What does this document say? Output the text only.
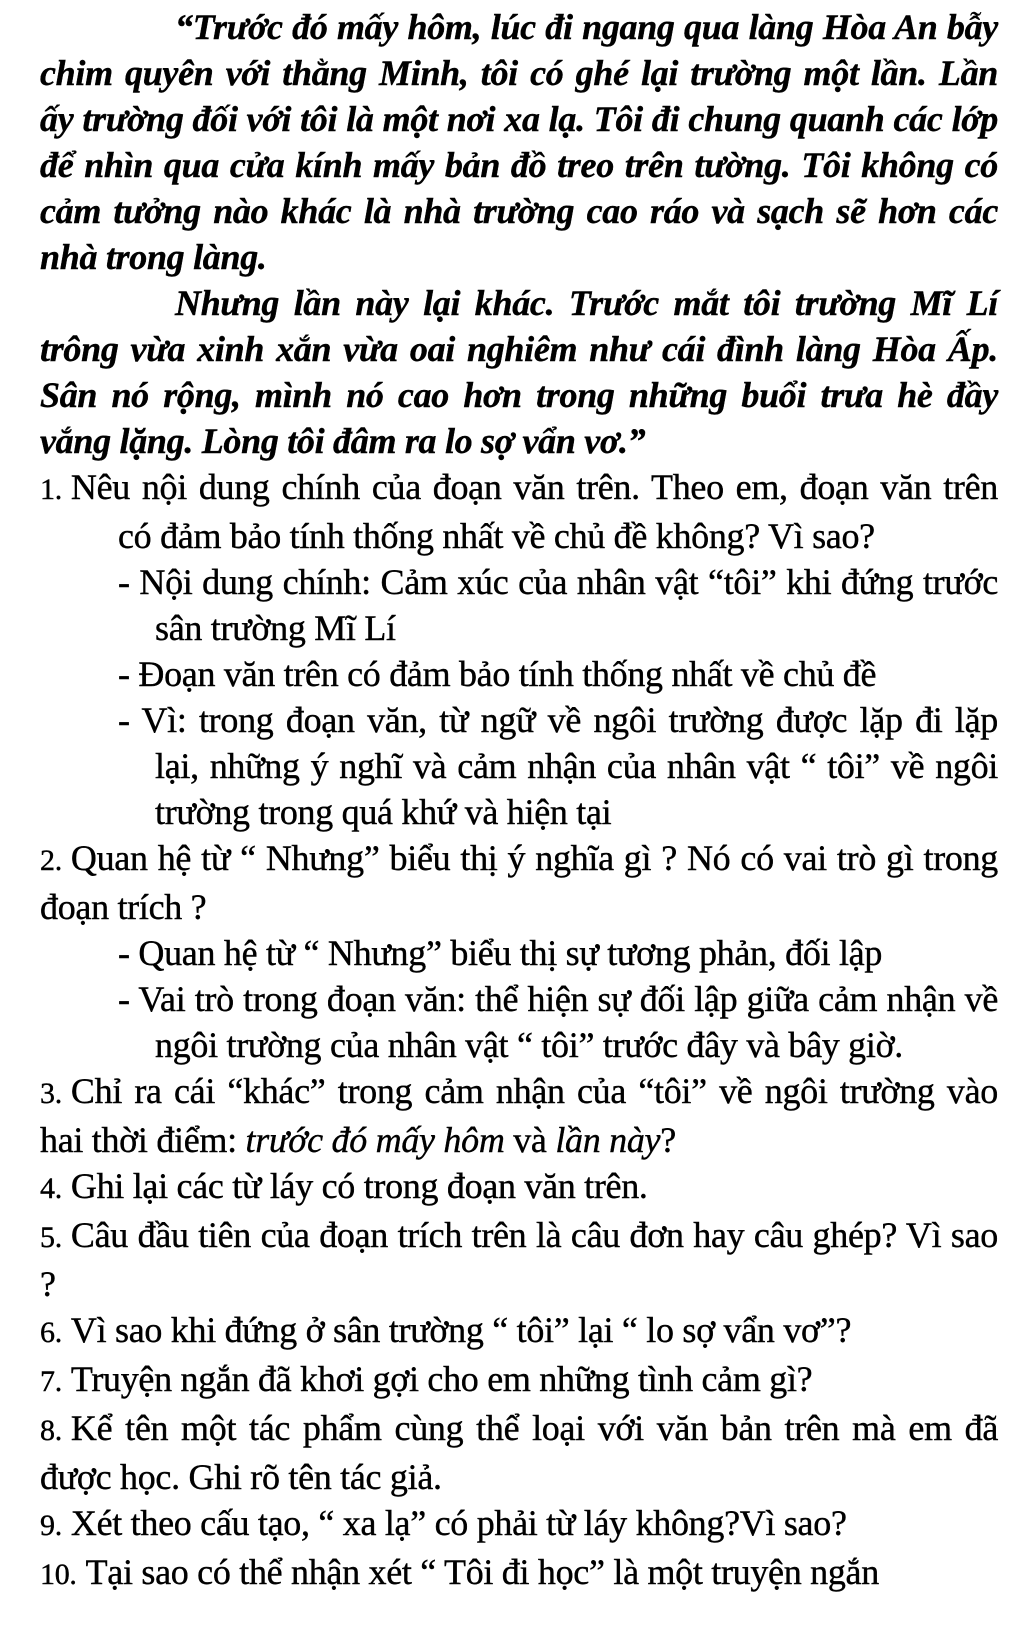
“Trước đó mấy hôm, lúc đi ngang qua làng Hòa An bẫy chim quyên với thằng Minh, tôi có ghé lại trường một lần. Lần ấy trường đối với tôi là một nơi xa lạ. Tôi đi chung quanh các lớp để nhìn qua cửa kính mấy bản đồ treo trên tường. Tôi không có cảm tưởng nào khác là nhà trường cao ráo và sạch sẽ hơn các nhà trong làng.

Nhưng lần này lại khác. Trước mắt tôi trường Mĩ Lí trông vừa xinh xắn vừa oai nghiêm như cái đình làng Hòa Ấp. Sân nó rộng, mình nó cao hơn trong những buổi trưa hè đầy vắng lặng. Lòng tôi đâm ra lo sợ vẩn vơ.”

1. Nêu nội dung chính của đoạn văn trên. Theo em, đoạn văn trên có đảm bảo tính thống nhất về chủ đề không? Vì sao?

- Nội dung chính: Cảm xúc của nhân vật “tôi” khi đứng trước sân trường Mĩ Lí

- Đoạn văn trên có đảm bảo tính thống nhất về chủ đề

- Vì: trong đoạn văn, từ ngữ về ngôi trường được lặp đi lặp lại, những ý nghĩ và cảm nhận của nhân vật “ tôi” về ngôi trường trong quá khứ và hiện tại

2. Quan hệ từ “ Nhưng” biểu thị ý nghĩa gì ? Nó có vai trò gì trong đoạn trích ?

- Quan hệ từ “ Nhưng” biểu thị sự tương phản, đối lập

- Vai trò trong đoạn văn: thể hiện sự đối lập giữa cảm nhận về ngôi trường của nhân vật “ tôi” trước đây và bây giờ.

3. Chỉ ra cái “khác” trong cảm nhận của “tôi” về ngôi trường vào hai thời điểm: trước đó mấy hôm và lần này?

4. Ghi lại các từ láy có trong đoạn văn trên.

5. Câu đầu tiên của đoạn trích trên là câu đơn hay câu ghép? Vì sao ?

6. Vì sao khi đứng ở sân trường “ tôi” lại “ lo sợ vẩn vơ”?

7. Truyện ngắn đã khơi gợi cho em những tình cảm gì?

8. Kể tên một tác phẩm cùng thể loại với văn bản trên mà em đã được học. Ghi rõ tên tác giả.

9. Xét theo cấu tạo, “ xa lạ” có phải từ láy không?Vì sao?

10. Tại sao có thể nhận xét “ Tôi đi học” là một truyện ngắn
